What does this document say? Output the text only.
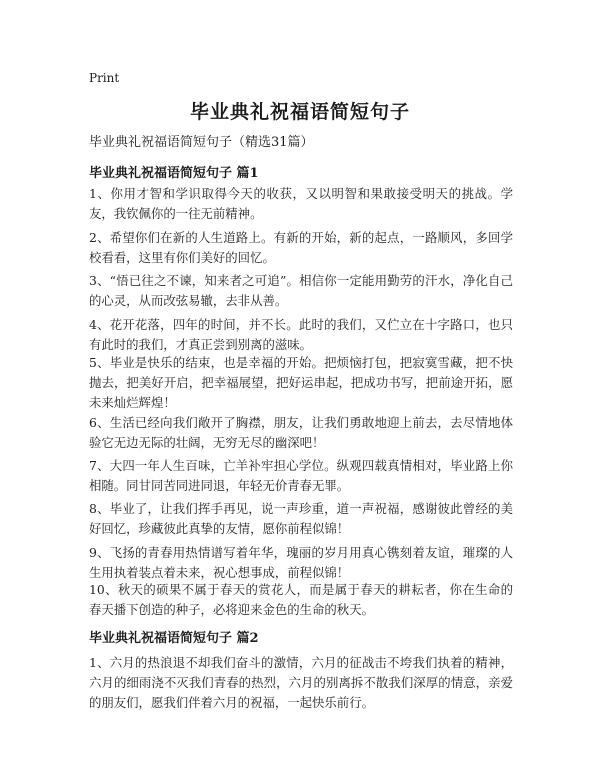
Print
毕业典礼祝福语简短句子

毕业典礼祝福语简短句子（精选31篇）

毕业典礼祝福语简短句子 篇1

1、你用才智和学识取得今天的收获，又以明智和果敢接受明天的挑战。学友，我钦佩你的一往无前精神。

2、希望你们在新的人生道路上。有新的开始，新的起点，一路顺风，多回学校看看，这里有你们美好的回忆。

3、“悟已往之不谏，知来者之可追”。相信你一定能用勤劳的汗水，净化自己的心灵，从而改弦易辙，去非从善。

4、花开花落，四年的时间，并不长。此时的我们，又伫立在十字路口，也只有此时的我们，才真正尝到别离的滋味。

5、毕业是快乐的结束，也是幸福的开始。把烦恼打包，把寂寞雪藏，把不快抛去，把美好开启，把幸福展望，把好运串起，把成功书写，把前途开拓，愿未来灿烂辉煌！

6、生活已经向我们敞开了胸襟，朋友，让我们勇敢地迎上前去，去尽情地体验它无边无际的壮阔，无穷无尽的幽深吧！

7、大四一年人生百味，亡羊补牢担心学位。纵观四载真情相对，毕业路上你相随。同甘同苦同进同退，年轻无价青春无罪。

8、毕业了，让我们挥手再见，说一声珍重，道一声祝福，感谢彼此曾经的美好回忆，珍藏彼此真挚的友情，愿你前程似锦！

9、飞扬的青春用热情谱写着年华，瑰丽的岁月用真心镌刻着友谊，璀璨的人生用执着装点着未来，祝心想事成，前程似锦！

10、秋天的硕果不属于春天的赏花人，而是属于春天的耕耘者，你在生命的春天播下创造的种子，必将迎来金色的生命的秋天。

毕业典礼祝福语简短句子 篇2

1、六月的热浪退不却我们奋斗的激情，六月的征战击不垮我们执着的精神，六月的细雨浇不灭我们青春的热烈，六月的别离拆不散我们深厚的情意，亲爱的朋友们，愿我们伴着六月的祝福，一起快乐前行。
